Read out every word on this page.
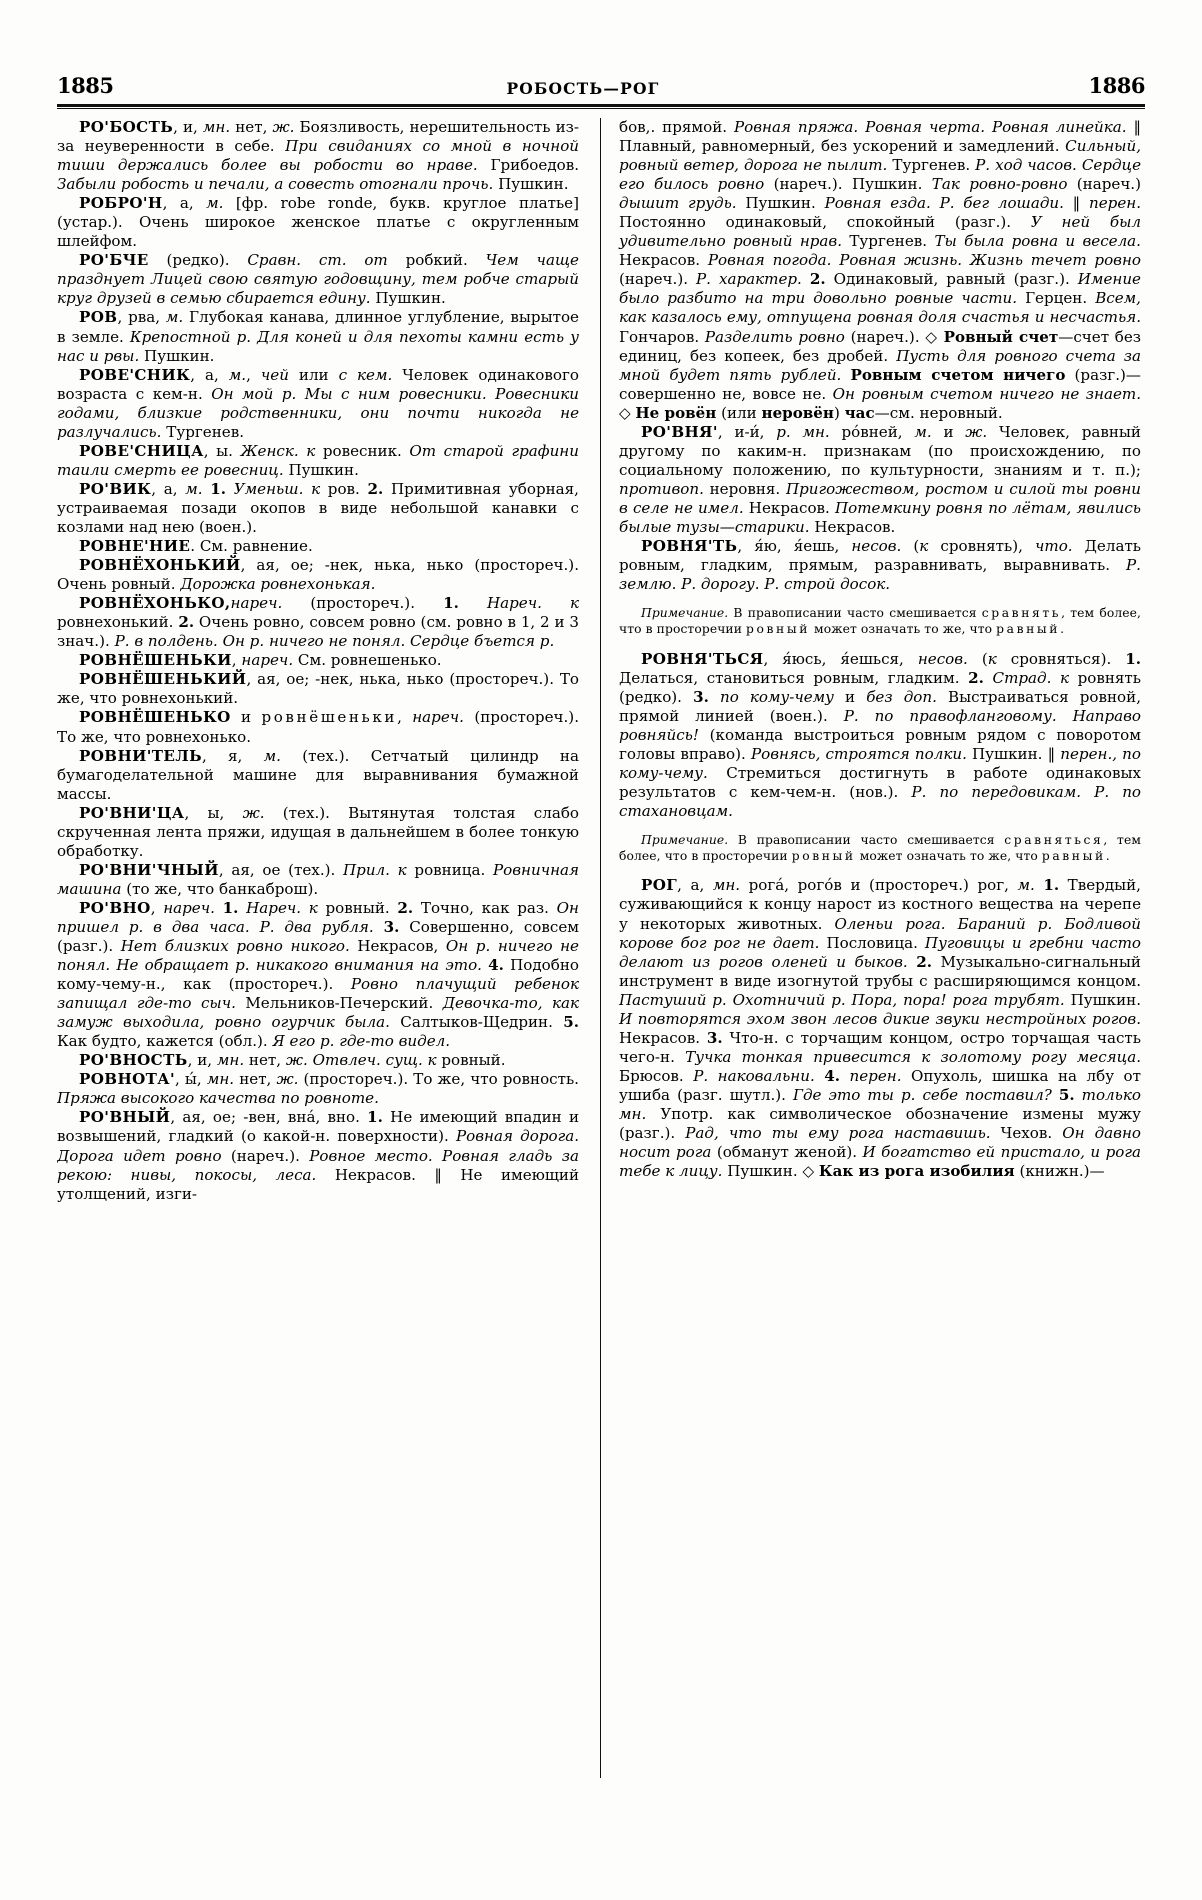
1885	РОБОСТЬ—РОГ	1886

РО'БОСТЬ, и, мн. нет, ж. Боязливость, нерешительность из-за неуверенности в себе. При свиданиях со мной в ночной тиши держались более вы робости во нраве. Грибоедов. Забыли робость и печали, а совесть отогнали прочь. Пушкин.

РОБРО'Н, а, м. [фр. robe ronde, букв. круглое платье] (устар.). Очень широкое женское платье с округленным шлейфом.

РО'БЧЕ (редко). Сравн. ст. от робкий. Чем чаще празднует Лицей свою святую годовщину, тем робче старый круг друзей в семью сбирается едину. Пушкин.

РОВ, рва, м. Глубокая канава, длинное углубление, вырытое в земле. Крепостной р. Для коней и для пехоты камни есть у нас и рвы. Пушкин.

РОВЕ'СНИК, а, м., чей или с кем. Человек одинакового возраста с кем-н. Он мой р. Мы с ним ровесники. Ровесники годами, близкие родственники, они почти никогда не разлучались. Тургенев.

РОВЕ'СНИЦА, ы. Женск. к ровесник. От старой графини таили смерть ее ровесниц. Пушкин.

РО'ВИК, а, м. 1. Уменьш. к ров. 2. Примитивная уборная, устраиваемая позади окопов в виде небольшой канавки с козлами над нею (воен.).

РОВНЕ'НИЕ. См. равнение.

РОВНЁХОНЬКИЙ, ая, ое; -нек, нька, нько (простореч.). Очень ровный. Дорожка ровнехонькая.

РОВНЁХОНЬКО,нареч. (простореч.). 1. Нареч. к ровнехонький. 2. Очень ровно, совсем ровно (см. ровно в 1, 2 и 3 знач.). Р. в полдень. Он р. ничего не понял. Сердце бъется р.

РОВНЁШЕНЬКИ, нареч. См. ровнешенько.

РОВНЁШЕНЬКИЙ, ая, ое; -нек, нька, нько (простореч.). То же, что ровнехонький.

РОВНЁШЕНЬКО и ровнёшеньки, нареч. (простореч.). То же, что ровнехонько.

РОВНИ'ТЕЛЬ, я, м. (тех.). Сетчатый цилиндр на бумагоделательной машине для выравнивания бумажной массы.

РО'ВНИ'ЦА, ы, ж. (тех.). Вытянутая толстая слабо скрученная лента пряжи, идущая в дальнейшем в более тонкую обработку.

РО'ВНИ'ЧНЫЙ, ая, ое (тех.). Прил. к ровница. Ровничная машина (то же, что банкаброш).

РО'ВНО, нареч. 1. Нареч. к ровный. 2. Точно, как раз. Он пришел р. в два часа. Р. два рубля. 3. Совершенно, совсем (разг.). Нет близких ровно никого. Некрасов, Он р. ничего не понял. Не обращает р. никакого внимания на это. 4. Подобно кому-чему-н., как (простореч.). Ровно плачущий ребенок запищал где-то сыч. Мельников-Печерский. Девочка-то, как замуж выходила, ровно огурчик была. Салтыков-Щедрин. 5. Как будто, кажется (обл.). Я его р. где-то видел.

РО'ВНОСТЬ, и, мн. нет, ж. Отвлеч. сущ. к ровный.

РОВНОТА', ы́, мн. нет, ж. (простореч.). То же, что ровность. Пряжа высокого качества по ровноте.

РО'ВНЫЙ, ая, ое; -вен, вна́, вно. 1. Не имеющий впадин и возвышений, гладкий (о какой-н. поверхности). Ровная дорога. Дорога идет ровно (нареч.). Ровное место. Ровная гладь за рекою: нивы, покосы, леса. Некрасов. ‖ Не имеющий утолщений, изги-

бов,. прямой. Ровная пряжа. Ровная черта. Ровная линейка. ‖ Плавный, равномерный, без ускорений и замедлений. Сильный, ровный ветер, дорога не пылит. Тургенев. Р. ход часов. Сердце его билось ровно (нареч.). Пушкин. Так ровно-ровно (нареч.) дышит грудь. Пушкин. Ровная езда. Р. бег лошади. ‖ перен. Постоянно одинаковый, спокойный (разг.). У ней был удивительно ровный нрав. Тургенев. Ты была ровна и весела. Некрасов. Ровная погода. Ровная жизнь. Жизнь течет ровно (нареч.). Р. характер. 2. Одинаковый, равный (разг.). Имение было разбито на три довольно ровные части. Герцен. Всем, как казалось ему, отпущена ровная доля счастья и несчастья. Гончаров. Разделить ровно (нареч.). ◇ Ровный счет—счет без единиц, без копеек, без дробей. Пусть для ровного счета за мной будет пять рублей. Ровным счетом ничего (разг.)—совершенно не, вовсе не. Он ровным счетом ничего не знает. ◇ Не ровён (или неровён) час—см. неровный.

РО'ВНЯ', и-и́, р. мн. ро́вней, м. и ж. Человек, равный другому по каким-н. признакам (по происхождению, по социальному положению, по культурности, знаниям и т. п.); противоп. неровня. Пригожеством, ростом и силой ты ровни в селе не имел. Некрасов. Потемкину ровня по лётам, явились былые тузы—старики. Некрасов.

РОВНЯ'ТЬ, я́ю, я́ешь, несов. (к сровнять), что. Делать ровным, гладким, прямым, разравнивать, выравнивать. Р. землю. Р. дорогу. Р. строй досок.

Примечание. В правописании часто смешивается сравнять, тем более, что в просторечии ровный может означать то же, что равный.

РОВНЯ'ТЬСЯ, я́юсь, я́ешься, несов. (к сровняться). 1. Делаться, становиться ровным, гладким. 2. Страд. к ровнять (редко). 3. по кому-чему и без доп. Выстраиваться ровной, прямой линией (воен.). Р. по правофланговому. Направо ровняйсь! (команда выстроиться ровным рядом с поворотом головы вправо). Ровнясь, строятся полки. Пушкин. ‖ перен., по кому-чему. Стремиться достигнуть в работе одинаковых результатов с кем-чем-н. (нов.). Р. по передовикам. Р. по стахановцам.

Примечание. В правописании часто смешивается сравняться, тем более, что в просторечии ровный может означать то же, что равный.

РОГ, а, мн. рога́, рого́в и (простореч.) рог, м. 1. Твердый, суживающийся к концу нарост из костного вещества на черепе у некоторых животных. Оленьи рога. Бараний р. Бодливой корове бог рог не дает. Пословица. Пуговицы и гребни часто делают из рогов оленей и быков. 2. Музыкально-сигнальный инструмент в виде изогнутой трубы с расширяющимся концом. Пастуший р. Охотничий р. Пора, пора! рога трубят. Пушкин. И повторятся эхом звон лесов дикие звуки нестройных рогов. Некрасов. 3. Что-н. с торчащим концом, остро торчащая часть чего-н. Тучка тонкая привесится к золотому рогу месяца. Брюсов. Р. наковальни. 4. перен. Опухоль, шишка на лбу от ушиба (разг. шутл.). Где это ты р. себе поставил? 5. только мн. Употр. как символическое обозначение измены мужу (разг.). Рад, что ты ему рога наставишь. Чехов. Он давно носит рога (обманут женой). И богатство ей пристало, и рога тебе к лицу. Пушкин. ◇ Как из рога изобилия (книжн.)—
